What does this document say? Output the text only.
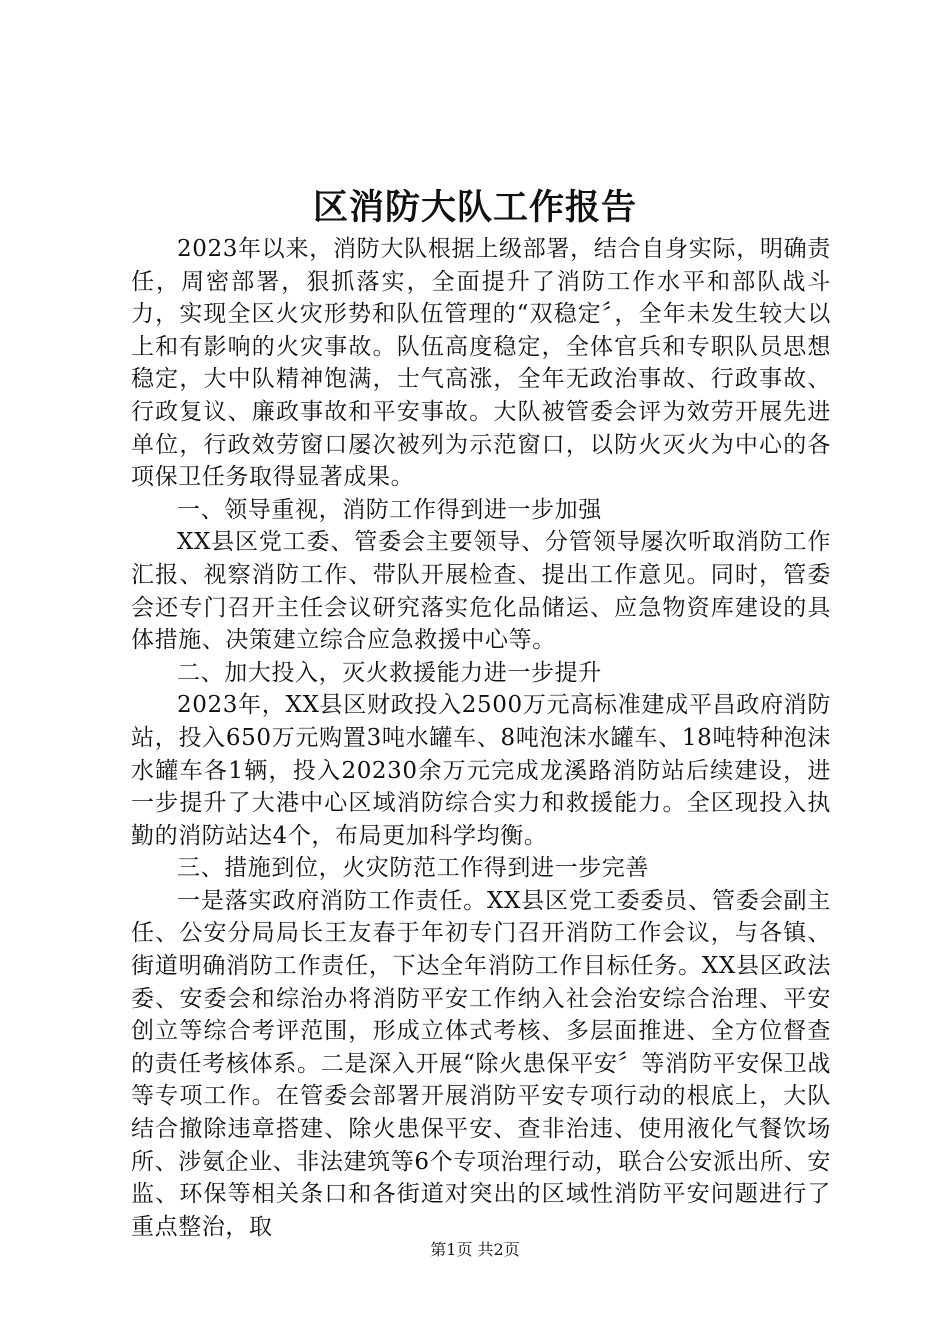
区消防大队工作报告

2023年以来，消防大队根据上级部署，结合自身实际，明确责任，周密部署，狠抓落实，全面提升了消防工作水平和部队战斗力，实现全区火灾形势和队伍管理的“双稳定〞，全年未发生较大以上和有影响的火灾事故。队伍高度稳定，全体官兵和专职队员思想稳定，大中队精神饱满，士气高涨，全年无政治事故、行政事故、行政复议、廉政事故和平安事故。大队被管委会评为效劳开展先进单位，行政效劳窗口屡次被列为示范窗口，以防火灭火为中心的各项保卫任务取得显著成果。

一、领导重视，消防工作得到进一步加强

XX县区党工委、管委会主要领导、分管领导屡次听取消防工作汇报、视察消防工作、带队开展检查、提出工作意见。同时，管委会还专门召开主任会议研究落实危化品储运、应急物资库建设的具体措施、决策建立综合应急救援中心等。

二、加大投入，灭火救援能力进一步提升

2023年，XX县区财政投入2500万元高标准建成平昌政府消防站，投入650万元购置3吨水罐车、8吨泡沫水罐车、18吨特种泡沫水罐车各1辆，投入20230余万元完成龙溪路消防站后续建设，进一步提升了大港中心区域消防综合实力和救援能力。全区现投入执勤的消防站达4个，布局更加科学均衡。

三、措施到位，火灾防范工作得到进一步完善

一是落实政府消防工作责任。XX县区党工委委员、管委会副主任、公安分局局长王友春于年初专门召开消防工作会议，与各镇、街道明确消防工作责任，下达全年消防工作目标任务。XX县区政法委、安委会和综治办将消防平安工作纳入社会治安综合治理、平安创立等综合考评范围，形成立体式考核、多层面推进、全方位督查的责任考核体系。二是深入开展“除火患保平安〞等消防平安保卫战等专项工作。在管委会部署开展消防平安专项行动的根底上，大队结合撤除违章搭建、除火患保平安、查非治违、使用液化气餐饮场所、涉氨企业、非法建筑等6个专项治理行动，联合公安派出所、安监、环保等相关条口和各街道对突出的区域性消防平安问题进行了重点整治，取

第1页 共2页
